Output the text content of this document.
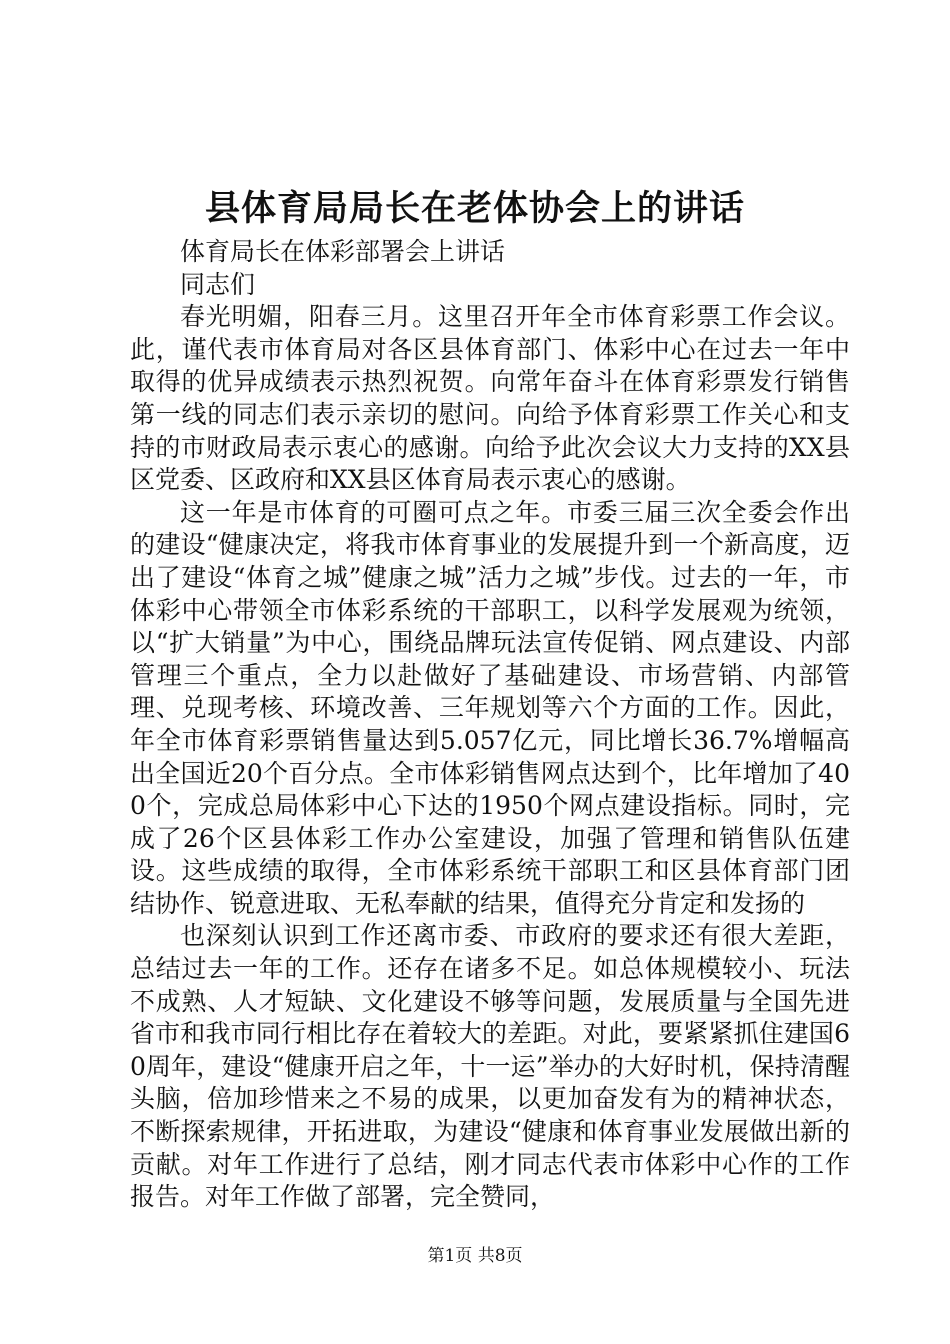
县体育局局长在老体协会上的讲话

体育局长在体彩部署会上讲话

同志们

春光明媚，阳春三月。这里召开年全市体育彩票工作会议。此，谨代表市体育局对各区县体育部门、体彩中心在过去一年中取得的优异成绩表示热烈祝贺。向常年奋斗在体育彩票发行销售第一线的同志们表示亲切的慰问。向给予体育彩票工作关心和支持的市财政局表示衷心的感谢。向给予此次会议大力支持的XX县区党委、区政府和XX县区体育局表示衷心的感谢。

这一年是市体育的可圈可点之年。市委三届三次全委会作出的建设“健康决定，将我市体育事业的发展提升到一个新高度，迈出了建设“体育之城”健康之城”活力之城”步伐。过去的一年，市体彩中心带领全市体彩系统的干部职工，以科学发展观为统领，以“扩大销量”为中心，围绕品牌玩法宣传促销、网点建设、内部管理三个重点，全力以赴做好了基础建设、市场营销、内部管理、兑现考核、环境改善、三年规划等六个方面的工作。因此，年全市体育彩票销售量达到5.057亿元，同比增长36.7%增幅高出全国近20个百分点。全市体彩销售网点达到个，比年增加了400个，完成总局体彩中心下达的1950个网点建设指标。同时，完成了26个区县体彩工作办公室建设，加强了管理和销售队伍建设。这些成绩的取得，全市体彩系统干部职工和区县体育部门团结协作、锐意进取、无私奉献的结果，值得充分肯定和发扬的

也深刻认识到工作还离市委、市政府的要求还有很大差距，总结过去一年的工作。还存在诸多不足。如总体规模较小、玩法不成熟、人才短缺、文化建设不够等问题，发展质量与全国先进省市和我市同行相比存在着较大的差距。对此，要紧紧抓住建国60周年，建设“健康开启之年，十一运”举办的大好时机，保持清醒头脑，倍加珍惜来之不易的成果，以更加奋发有为的精神状态，不断探索规律，开拓进取，为建设“健康和体育事业发展做出新的贡献。对年工作进行了总结，刚才同志代表市体彩中心作的工作报告。对年工作做了部署，完全赞同，

第1页 共8页
